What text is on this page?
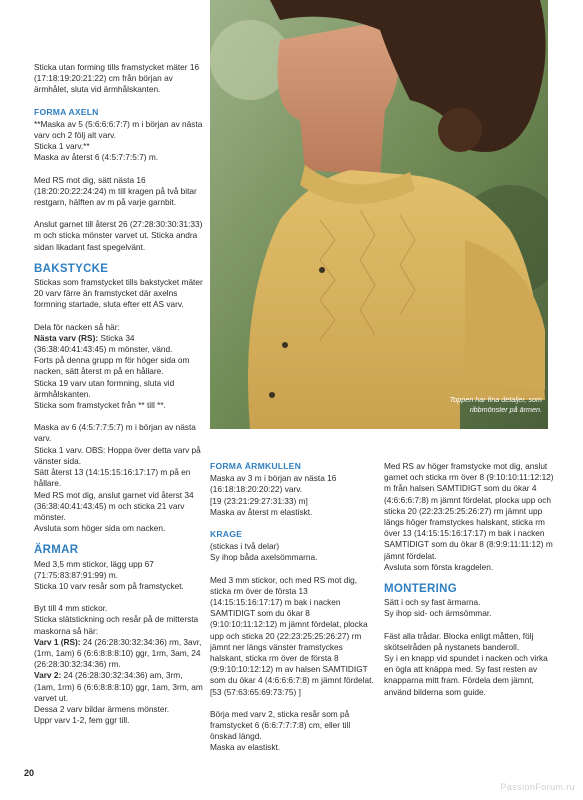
Sticka utan forming tills framstycket mäter 16 (17:18:19:20:21:22) cm från början av ärmhålet, sluta vid ärmhålskanten.

FORMA AXELN

**Maska av 5 (5:6:6:6:7:7) m i början av nästa varv och 2 följ alt varv.
Sticka 1 varv.**
Maska av återst 6 (4:5:7:7:5:7) m.

Med RS mot dig, sätt nästa 16 (18:20:20:22:24:24) m till kragen på två bitar restgarn, hälften av m på varje garnbit.

Anslut garnet till återst 26 (27:28:30:30:31:33) m och sticka mönster varvet ut. Sticka andra sidan likadant fast spegelvänt.

BAKSTYCKE

Stickas som framstycket tills bakstycket mäter 20 varv färre än framstycket där axelns formning startade, sluta efter ett AS varv.

Dela för nacken så här:

Nästa varv (RS): Sticka 34 (36:38:40:41:43:45) m mönster, vänd.
Forts på denna grupp m för höger sida om nacken, sätt återst m på en hållare.
Sticka 19 varv utan formning, sluta vid ärmhålskanten.
Sticka som framstycket från ** till **.

Maska av 6 (4:5:7:7:5:7) m i början av nästa varv.
Sticka 1 varv. OBS: Hoppa över detta varv på vänster sida.
Sätt återst 13 (14:15:15:16:17:17) m på en hållare.
Med RS mot dig, anslut garnet vid återst 34 (36:38:40:41:43:45) m och sticka 21 varv mönster.
Avsluta som höger sida om nacken.

ÄRMAR

Med 3,5 mm stickor, lägg upp 67 (71:75:83:87:91:99) m.
Sticka 10 varv resår som på framstycket.

Byt till 4 mm stickor.
Sticka slätstickning och resår på de mittersta maskorna så här:

Varv 1 (RS): 24 (26:28:30:32:34:36) rm, 3avr, (1rm, 1am) 6 (6:6:8:8:8:10) ggr, 1rm, 3am, 24 (26:28:30:32:34:36) rm.

Varv 2: 24 (26:28:30:32:34:36) am, 3rm, (1am, 1rm) 6 (6:6:8:8:8:10) ggr, 1am, 3rm, am varvet ut.
Dessa 2 varv bildar ärmens mönster.
Uppr varv 1-2, fem ggr till.

Toppen har fina detaljer, som ribbmönster på ärmen.
FORMA ÄRMKULLEN

Maska av 3 m i början av nästa 16 (16:18:18:20:20:22) varv.
[19 (23:21:29:27:31:33) m]
Maska av återst m elastiskt.

KRAGE

(stickas i två delar)
Sy ihop båda axelsömmarna.

Med 3 mm stickor, och med RS mot dig, sticka rm över de första 13 (14:15:15:16:17:17) m bak i nacken SAMTIDIGT som du ökar 8 (9:10:10:11:12:12) m jämnt fördelat, plocka upp och sticka 20 (22:23:25:25:26:27) rm jämnt ner längs vänster framstyckes halskant, sticka rm över de första 8 (9:9:10:10:12:12) m av halsen SAMTIDIGT som du ökar 4 (4:6:6:6:7:8) m jämnt fördelat.
[53 (57:63:65:69:73:75) ]

Börja med varv 2, sticka resår som på framstycket 6 (6:6:7:7:7:8) cm, eller till önskad längd.
Maska av elastiskt.

Med RS av höger framstycke mot dig, anslut garnet och sticka rm över 8 (9:10:10:11:12:12) m från halsen SAMTIDIGT som du ökar 4 (4:6:6:6:7:8) m jämnt fördelat, plocka upp och sticka 20 (22:23:25:25:26:27) rm jämnt upp längs höger framstyckes halskant, sticka rm över 13 (14:15:15:16:17:17) m bak i nacken SAMTIDIGT som du ökar 8 (8:9:9:11:11:12) m jämnt fördelat.
Avsluta som första kragdelen.

MONTERING

Sätt i och sy fast ärmarna.
Sy ihop sid- och ärmsömmar.

Fäst alla trådar. Blocka enligt måtten, följ skötselråden på nystanets banderoll.
Sy i en knapp vid spundet i nacken och virka en ögla att knäppa med. Sy fast resten av knapparna mitt fram. Fördela dem jämnt, använd bilderna som guide.

20
PassionForum.ru
